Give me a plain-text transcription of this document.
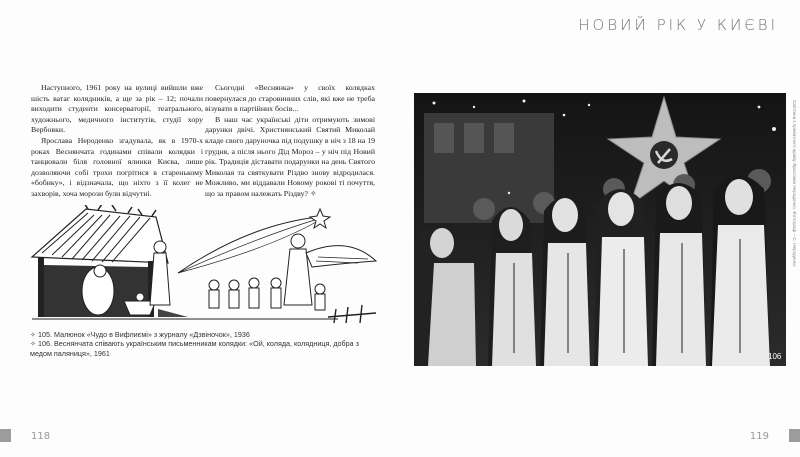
Наступного, 1961 року на вулиці вийшли вже шість ватаг колядників, а ще за рік – 12; почали виходити студенти консерваторії, театрального, художнього, медичного інститутів, студії хору Вербовки.

Ярослава Нероденко згадувала, як в 1970-х роках Веснянчата годинами співали колядки і танцювали біля головної ялинки Києва, лише дозволяючи собі трохи погрітися в старенькому «бобику», і відзначала, що ніхто з її колег не захворів, хоча морози були відчутні.

Сьогодні «Веснянка» у своїх колядках повернулася до старовинних слів, які вже не треба візувати в партійних босів...

В наш час українські діти отримують зимові дарунки двічі. Християнський Святий Миколай кладе свого даруночка під подушку в ніч з 18 на 19 грудня, а після нього Дід Мороз – у ніч під Новий рік. Традиція діставати подарунки на день Святого Миколая та святкувати Різдво знову відродилася. Можливо, ми віддавали Новому рокові ті почуття, що за правом належать Різдву? ✧

✧ 105. Малюнок «Чудо в Вифлиємі» з журналу «Дзвіночок», 1936

✧ 106. Веснянчата співають українським письменникам колядки: «Ой, коляда, колядниця, добра з медом паляниця», 1961

118
НОВИЙ РІК У КИЄВІ
106
Світлина з приватного архіву Ярослави Нероденко. Фотограф – С. Нероденко
119
